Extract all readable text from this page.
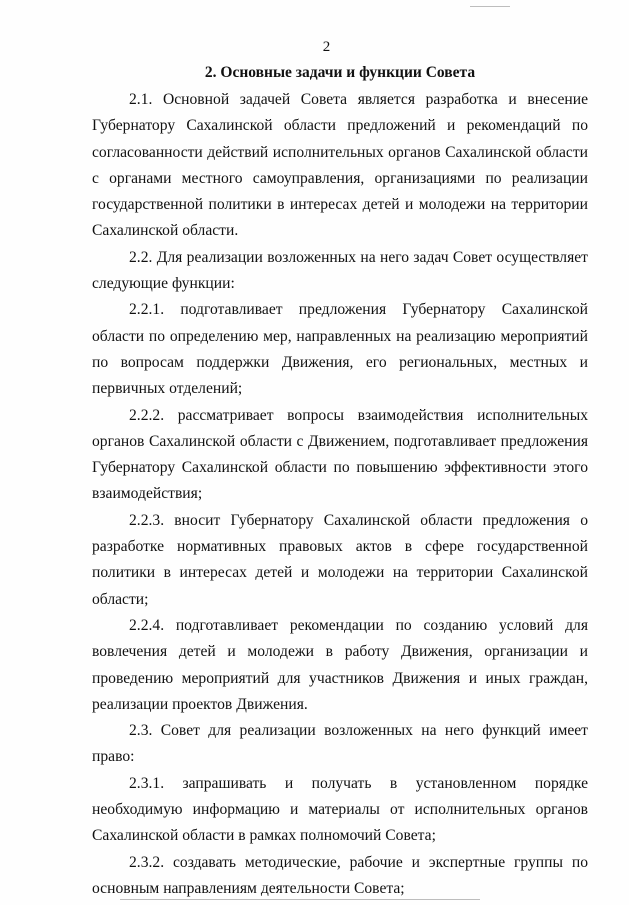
2
2. Основные задачи и функции Совета

2.1. Основной задачей Совета является разработка и внесение Губернатору Сахалинской области предложений и рекомендаций по согласованности действий исполнительных органов Сахалинской области с органами местного самоуправления, организациями по реализации государственной политики в интересах детей и молодежи на территории Сахалинской области.

2.2. Для реализации возложенных на него задач Совет осуществляет следующие функции:

2.2.1. подготавливает предложения Губернатору Сахалинской области по определению мер, направленных на реализацию мероприятий по вопросам поддержки Движения, его региональных, местных и первичных отделений;

2.2.2. рассматривает вопросы взаимодействия исполнительных органов Сахалинской области с Движением, подготавливает предложения Губернатору Сахалинской области по повышению эффективности этого взаимодействия;

2.2.3. вносит Губернатору Сахалинской области предложения о разработке нормативных правовых актов в сфере государственной политики в интересах детей и молодежи на территории Сахалинской области;

2.2.4. подготавливает рекомендации по созданию условий для вовлечения детей и молодежи в работу Движения, организации и проведению мероприятий для участников Движения и иных граждан, реализации проектов Движения.

2.3. Совет для реализации возложенных на него функций имеет право:

2.3.1. запрашивать и получать в установленном порядке необходимую информацию и материалы от исполнительных органов Сахалинской области в рамках полномочий Совета;

2.3.2. создавать методические, рабочие и экспертные группы по основным направлениям деятельности Совета;
